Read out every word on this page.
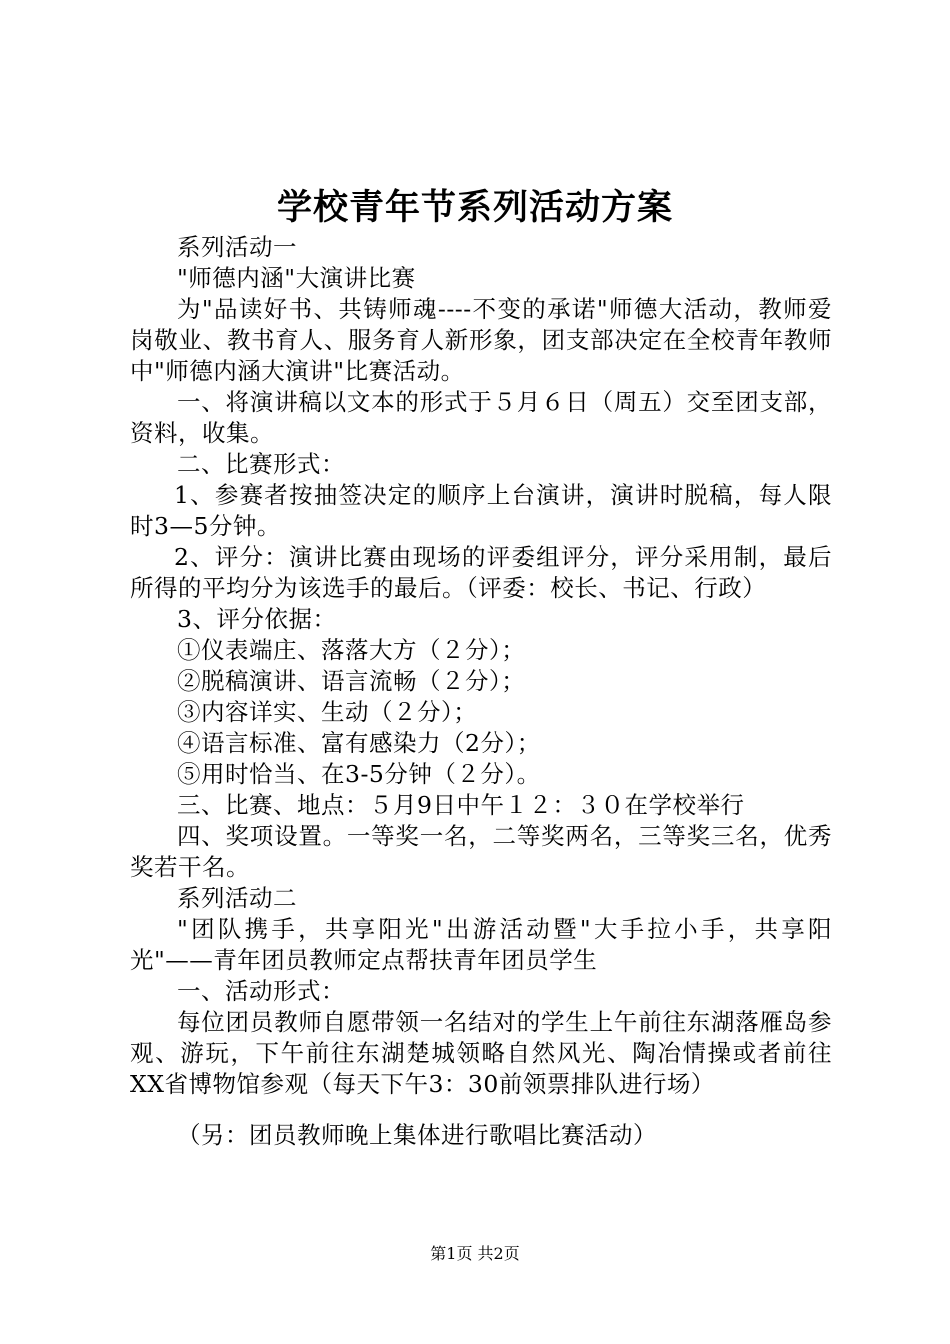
学校青年节系列活动方案

系列活动一

"师德内涵"大演讲比赛

为"品读好书、共铸师魂----不变的承诺"师德大活动，教师爱岗敬业、教书育人、服务育人新形象，团支部决定在全校青年教师中"师德内涵大演讲"比赛活动。

一、将演讲稿以文本的形式于５月６日（周五）交至团支部，资料，收集。

二、比赛形式：

1、参赛者按抽签决定的顺序上台演讲，演讲时脱稿，每人限时3—5分钟。

2、评分：演讲比赛由现场的评委组评分，评分采用制，最后所得的平均分为该选手的最后。（评委：校长、书记、行政）

3、评分依据：

①仪表端庄、落落大方（２分）；

②脱稿演讲、语言流畅（２分）；

③内容详实、生动（２分）；

④语言标准、富有感染力（2分）；

⑤用时恰当、在3-5分钟（２分）。

三、比赛、地点：５月9日中午１２：３０在学校举行

四、奖项设置。一等奖一名，二等奖两名，三等奖三名，优秀奖若干名。

系列活动二

"团队携手，共享阳光"出游活动暨"大手拉小手，共享阳光"——青年团员教师定点帮扶青年团员学生

一、活动形式：

每位团员教师自愿带领一名结对的学生上午前往东湖落雁岛参观、游玩，下午前往东湖楚城领略自然风光、陶冶情操或者前往XX省博物馆参观（每天下午3：30前领票排队进行场）

（另：团员教师晚上集体进行歌唱比赛活动）

第1页 共2页
